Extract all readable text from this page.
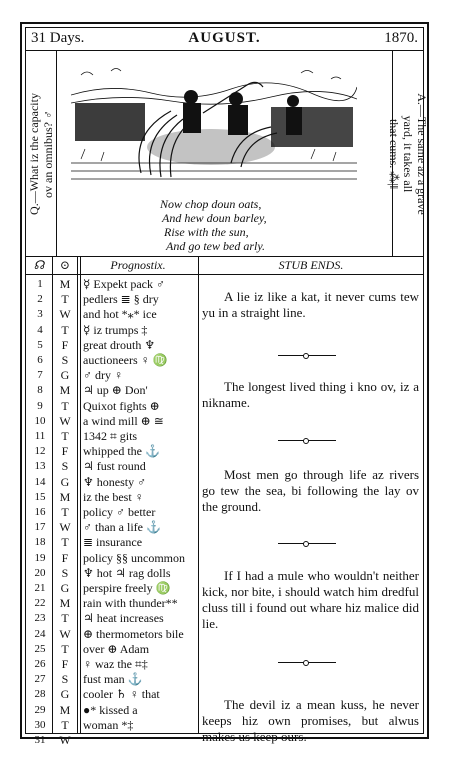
31 Days.	AUGUST.	1870.
Q.—What iz the capacity ov an omnibus? ♂
Now chop doun oats,
And hew doun barley,
Rise with the sun,
And go tew bed arly.
A.—The same az a grave
yard, it takes all
that cums. ⁂|‖
☊	⊙	Prognostix.	STUB ENDS.
1	M	☿ Expekt pack ♂
2	T	pedlers ≣ § dry
3	W	and hot *⁎* ice
4	T	☿ iz trumps ‡
5	F	great drouth ♆
6	S	auctioneers ♀ ♍
7	G	♂ dry ♀
8	M	♃ up ⊕ Don'
9	T	Quixot fights ⊕
10	W	a wind mill ⊕ ≅
11	T	1342 ⌗ gits
12	F	whipped the ⚓
13	S	♃ fust round
14	G	♆ honesty ♂
15	M	iz the best ♀
16	T	policy ♂ better
17	W	♂ than a life ⚓
18	T	≣ insurance
19	F	policy §§ uncommon
20	S	♆ hot ♃ rag dolls
21	G	perspire freely ♍
22	M	rain with thunder**
23	T	♃ heat increases
24	W	⊕ thermometors bile
25	T	over ⊕ Adam
26	F	♀ waz the ⌗‡
27	S	fust man ⚓
28	G	cooler ♄ ♀ that
29	M	●* kissed a
30	T	woman *‡
31	W
A lie iz like a kat, it never cums tew yu in a straight line.
The longest lived thing i kno ov, iz a nikname.
Most men go through life az rivers go tew the sea, bi following the lay ov the ground.
If I had a mule who wouldn't neither kick, nor bite, i should watch him dredful cluss till i found out whare hiz malice did lie.
The devil iz a mean kuss, he never keeps hiz own promises, but alwus makes us keep ours.
